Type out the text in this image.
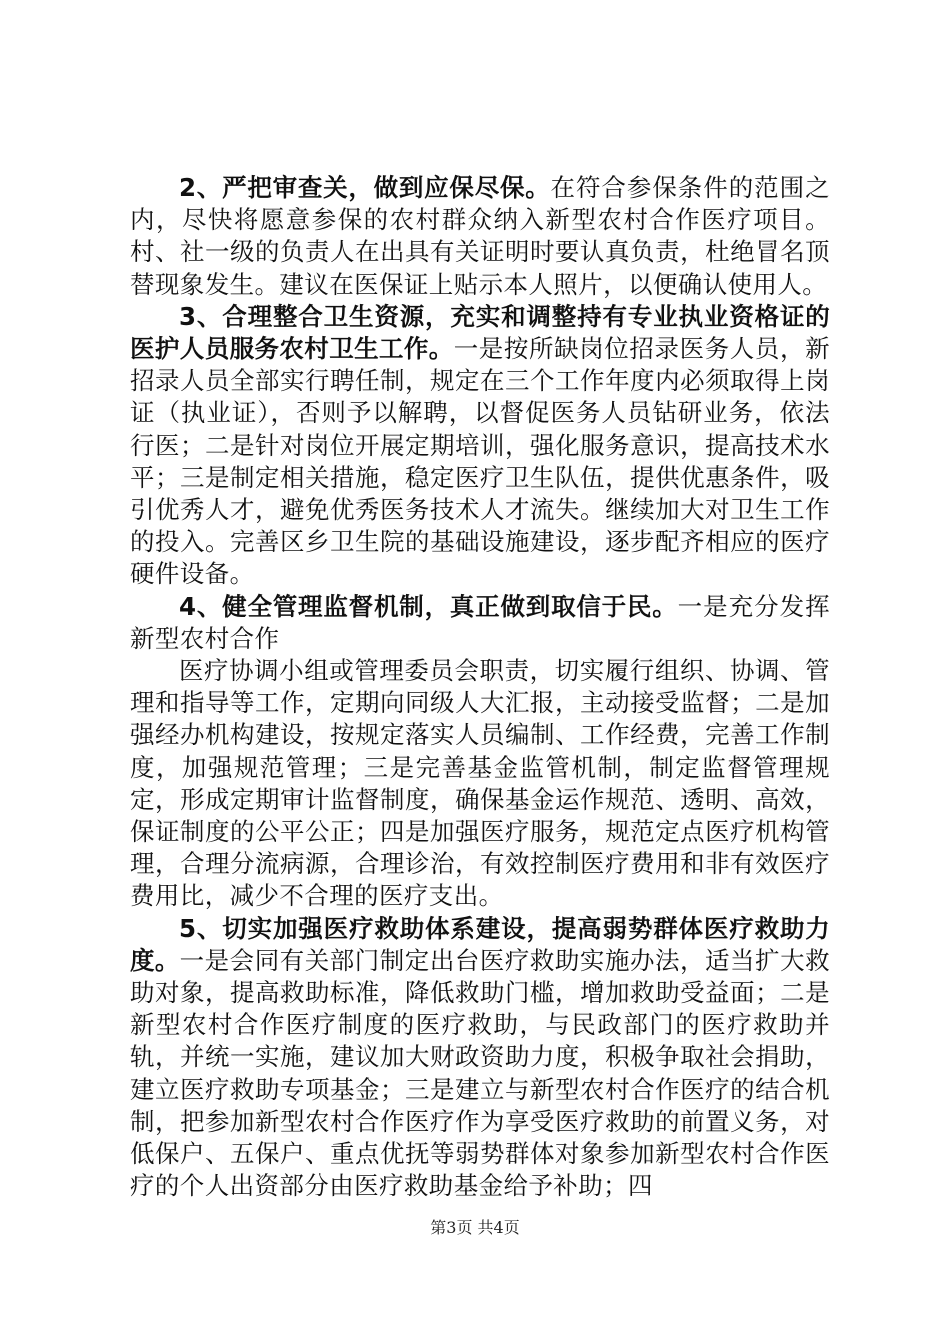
2、严把审查关，做到应保尽保。在符合参保条件的范围之内，尽快将愿意参保的农村群众纳入新型农村合作医疗项目。村、社一级的负责人在出具有关证明时要认真负责，杜绝冒名顶替现象发生。建议在医保证上贴示本人照片，以便确认使用人。

3、合理整合卫生资源，充实和调整持有专业执业资格证的医护人员服务农村卫生工作。一是按所缺岗位招录医务人员，新招录人员全部实行聘任制，规定在三个工作年度内必须取得上岗证（执业证），否则予以解聘，以督促医务人员钻研业务，依法行医；二是针对岗位开展定期培训，强化服务意识，提高技术水平；三是制定相关措施，稳定医疗卫生队伍，提供优惠条件，吸引优秀人才，避免优秀医务技术人才流失。继续加大对卫生工作的投入。完善区乡卫生院的基础设施建设，逐步配齐相应的医疗硬件设备。

4、健全管理监督机制，真正做到取信于民。一是充分发挥新型农村合作

医疗协调小组或管理委员会职责，切实履行组织、协调、管理和指导等工作，定期向同级人大汇报，主动接受监督；二是加强经办机构建设，按规定落实人员编制、工作经费，完善工作制度，加强规范管理；三是完善基金监管机制，制定监督管理规定，形成定期审计监督制度，确保基金运作规范、透明、高效，保证制度的公平公正；四是加强医疗服务，规范定点医疗机构管理，合理分流病源，合理诊治，有效控制医疗费用和非有效医疗费用比，减少不合理的医疗支出。

5、切实加强医疗救助体系建设，提高弱势群体医疗救助力度。一是会同有关部门制定出台医疗救助实施办法，适当扩大救助对象，提高救助标准，降低救助门槛，增加救助受益面；二是新型农村合作医疗制度的医疗救助，与民政部门的医疗救助并轨，并统一实施，建议加大财政资助力度，积极争取社会捐助，建立医疗救助专项基金；三是建立与新型农村合作医疗的结合机制，把参加新型农村合作医疗作为享受医疗救助的前置义务，对低保户、五保户、重点优抚等弱势群体对象参加新型农村合作医疗的个人出资部分由医疗救助基金给予补助；四

第3页 共4页
